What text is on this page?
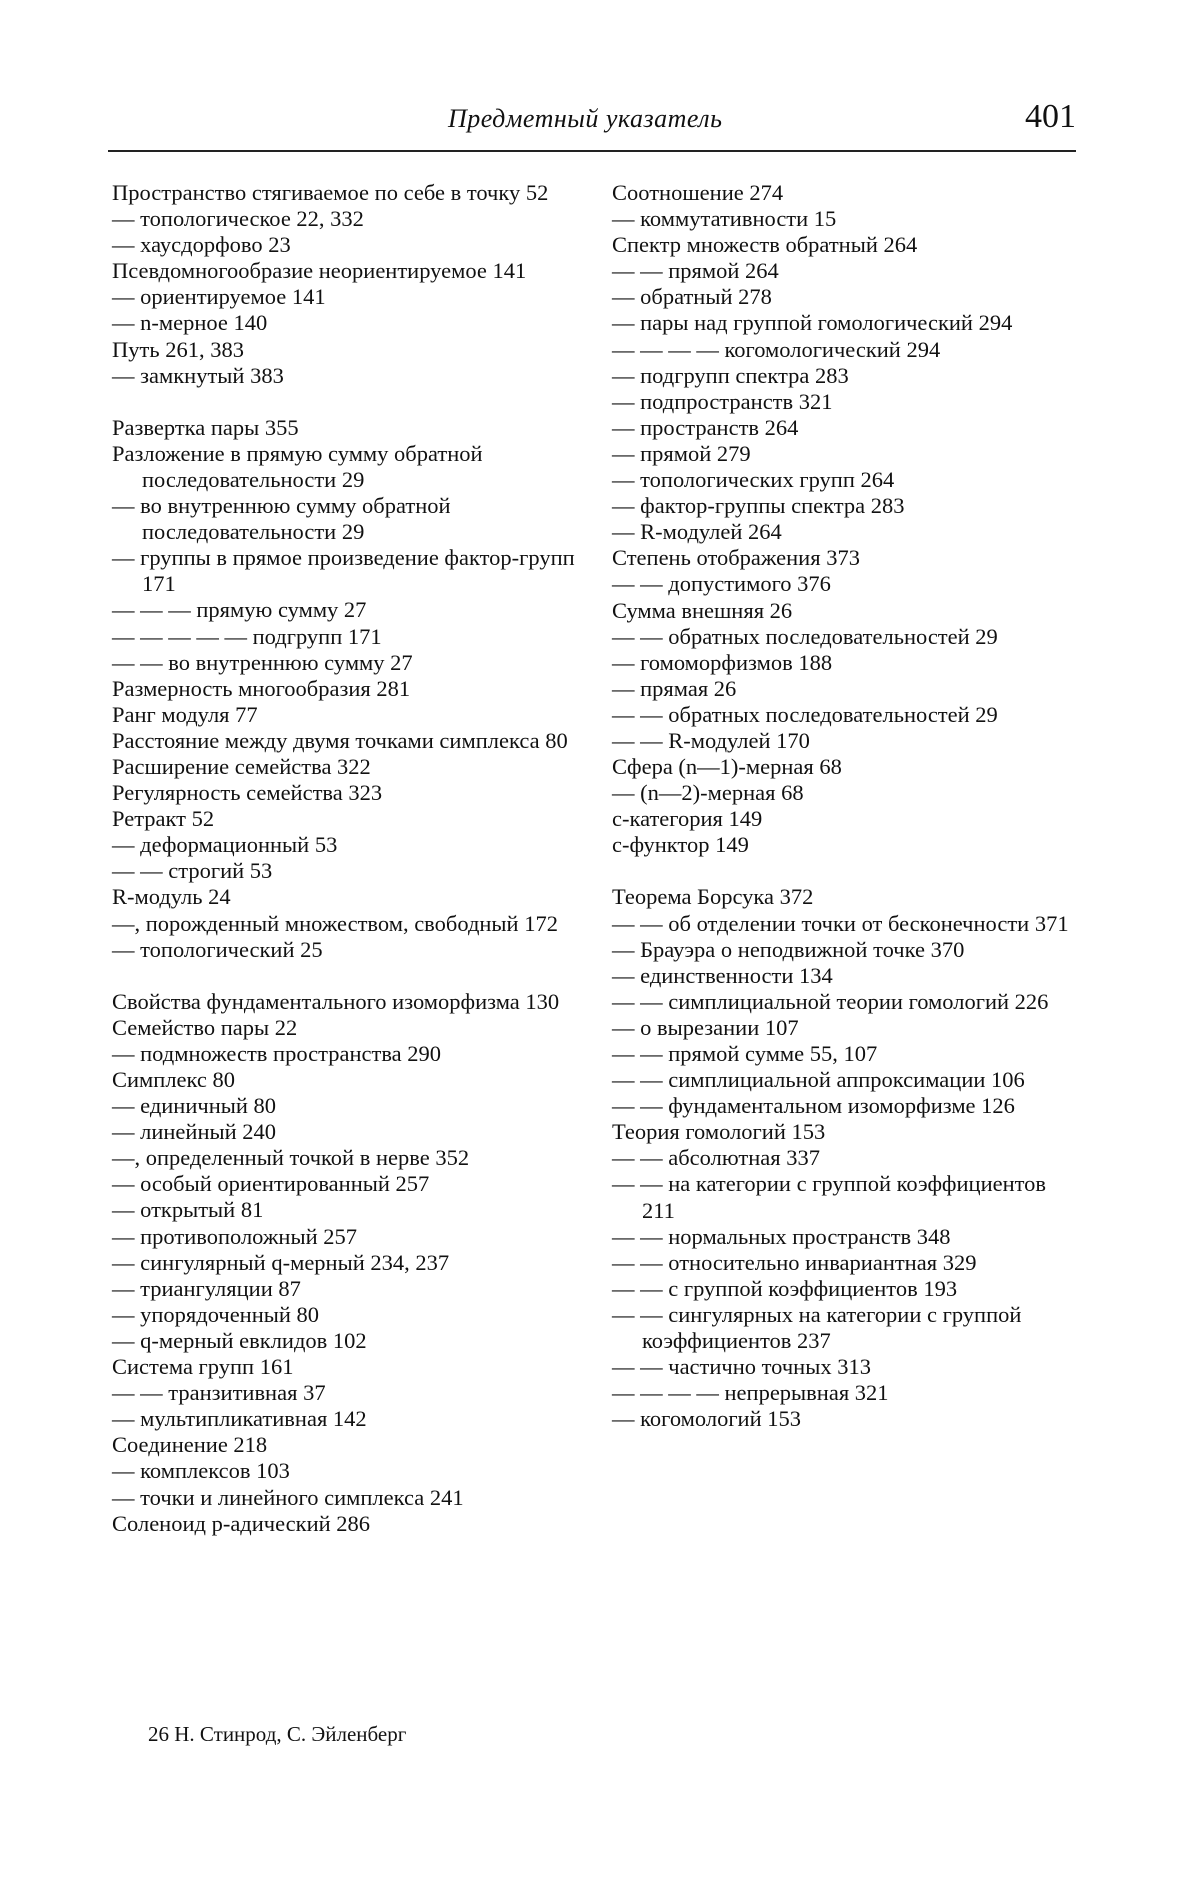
Предметный указатель	401

Пространство стягиваемое по себе в точку 52

— топологическое 22, 332

— хаусдорфово 23

Псевдомногообразие неориентируемое 141

— ориентируемое 141

— n-мерное 140

Путь 261, 383

— замкнутый 383

Развертка пары 355

Разложение в прямую сумму обратной последовательности 29

— во внутреннюю сумму обратной последовательности 29

— группы в прямое произведение фактор-групп 171

— — — прямую сумму 27

— — — — — подгрупп 171

— — во внутреннюю сумму 27

Размерность многообразия 281

Ранг модуля 77

Расстояние между двумя точками симплекса 80

Расширение семейства 322

Регулярность семейства 323

Ретракт 52

— деформационный 53

— — строгий 53

R-модуль 24

—, порожденный множеством, свободный 172

— топологический 25

Свойства фундаментального изоморфизма 130

Семейство пары 22

— подмножеств пространства 290

Симплекс 80

— единичный 80

— линейный 240

—, определенный точкой в нерве 352

— особый ориентированный 257

— открытый 81

— противоположный 257

— сингулярный q-мерный 234, 237

— триангуляции 87

— упорядоченный 80

— q-мерный евклидов 102

Система групп 161

— — транзитивная 37

— мультипликативная 142

Соединение 218

— комплексов 103

— точки и линейного симплекса 241

Соленоид p-адический 286

Соотношение 274

— коммутативности 15

Спектр множеств обратный 264

— — прямой 264

— обратный 278

— пары над группой гомологический 294

— — — — когомологический 294

— подгрупп спектра 283

— подпространств 321

— пространств 264

— прямой 279

— топологических групп 264

— фактор-группы спектра 283

— R-модулей 264

Степень отображения 373

— — допустимого 376

Сумма внешняя 26

— — обратных последовательностей 29

— гомоморфизмов 188

— прямая 26

— — обратных последовательностей 29

— — R-модулей 170

Сфера (n—1)-мерная 68

— (n—2)-мерная 68

c-категория 149

c-функтор 149

Теорема Борсука 372

— — об отделении точки от бесконечности 371

— Брауэра о неподвижной точке 370

— единственности 134

— — симплициальной теории гомологий 226

— о вырезании 107

— — прямой сумме 55, 107

— — симплициальной аппроксимации 106

— — фундаментальном изоморфизме 126

Теория гомологий 153

— — абсолютная 337

— — на категории с группой коэффициентов 211

— — нормальных пространств 348

— — относительно инвариантная 329

— — с группой коэффициентов 193

— — сингулярных на категории с группой коэффициентов 237

— — частично точных 313

— — — — непрерывная 321

— когомологий 153

26 Н. Стинрод, С. Эйленберг
